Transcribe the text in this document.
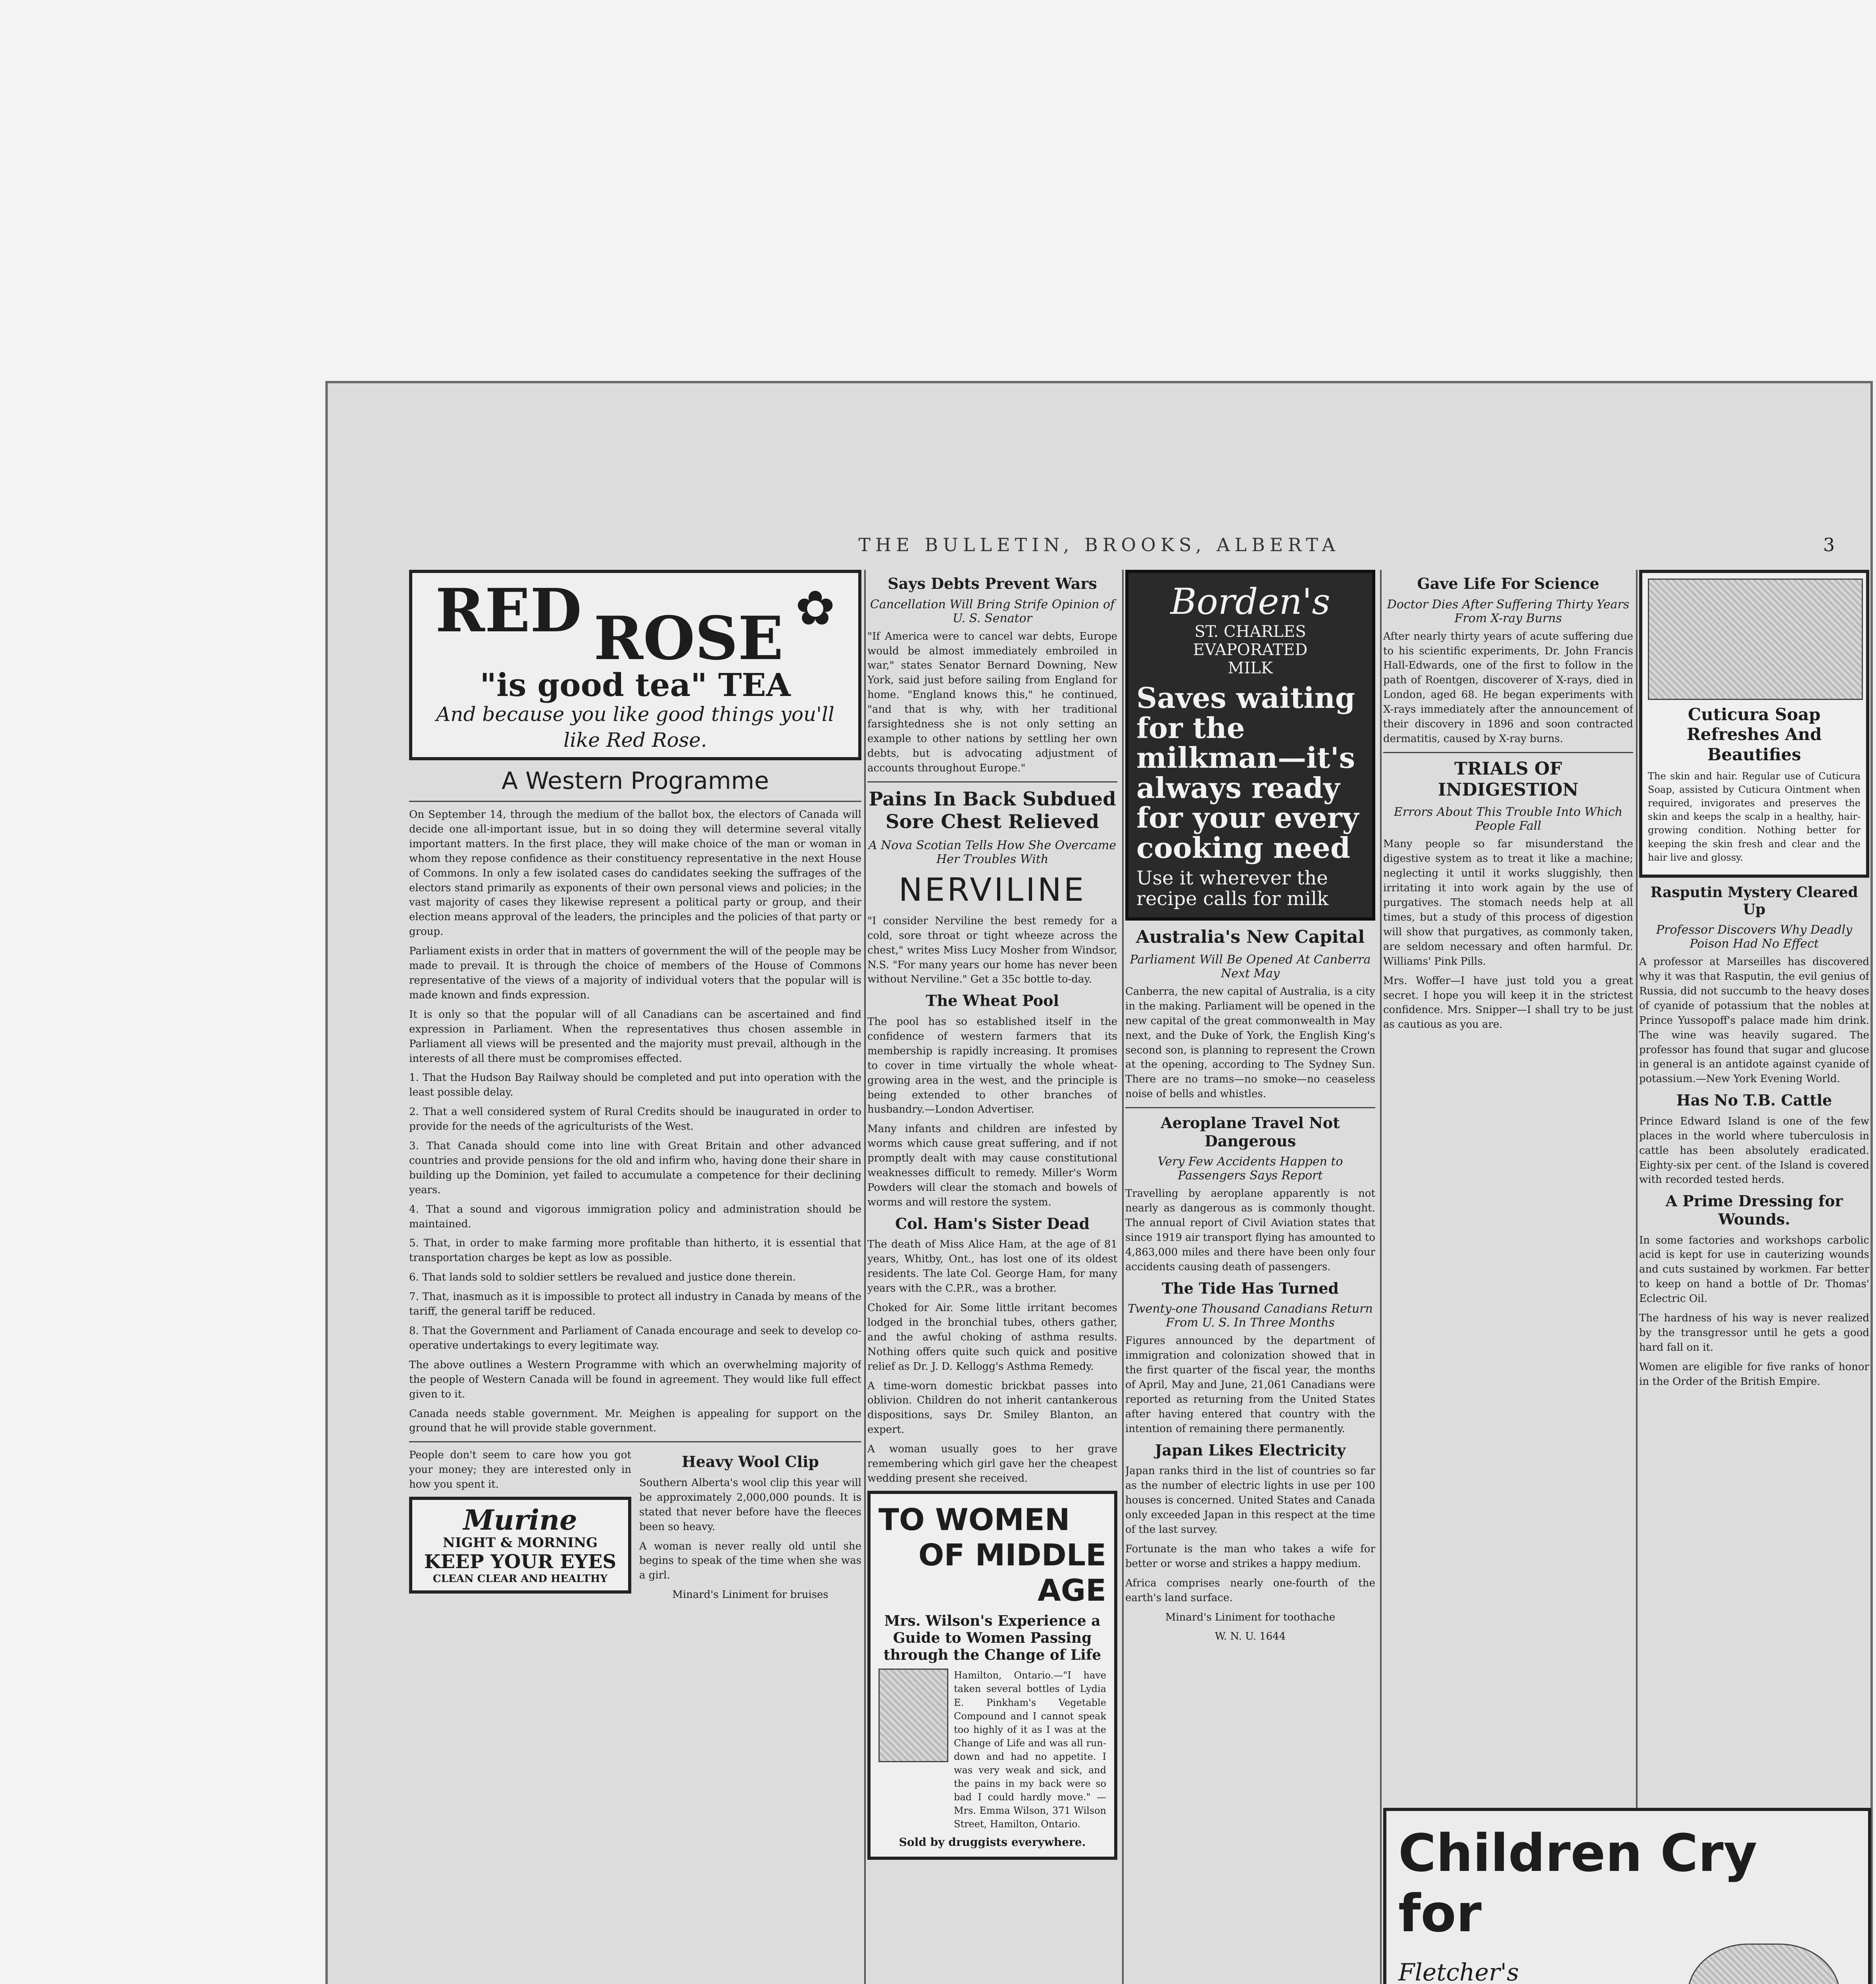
THE BULLETIN, BROOKS, ALBERTA	3
RED ROSE ✿
"is good tea" TEA
And because you like good things you'll like Red Rose.
A Western Programme

On September 14, through the medium of the ballot box, the electors of Canada will decide one all-important issue, but in so doing they will determine several vitally important matters. In the first place, they will make choice of the man or woman in whom they repose confidence as their constituency representative in the next House of Commons. In only a few isolated cases do candidates seeking the suffrages of the electors stand primarily as exponents of their own personal views and policies; in the vast majority of cases they likewise represent a political party or group, and their election means approval of the leaders, the principles and the policies of that party or group.

Parliament exists in order that in matters of government the will of the people may be made to prevail. It is through the choice of members of the House of Commons representative of the views of a majority of individual voters that the popular will is made known and finds expression.

It is only so that the popular will of all Canadians can be ascertained and find expression in Parliament. When the representatives thus chosen assemble in Parliament all views will be presented and the majority must prevail, although in the interests of all there must be compromises effected.

1. That the Hudson Bay Railway should be completed and put into operation with the least possible delay.

2. That a well considered system of Rural Credits should be inaugurated in order to provide for the needs of the agriculturists of the West.

3. That Canada should come into line with Great Britain and other advanced countries and provide pensions for the old and infirm who, having done their share in building up the Dominion, yet failed to accumulate a competence for their declining years.

4. That a sound and vigorous immigration policy and administration should be maintained.

5. That, in order to make farming more profitable than hitherto, it is essential that transportation charges be kept as low as possible.

6. That lands sold to soldier settlers be revalued and justice done therein.

7. That, inasmuch as it is impossible to protect all industry in Canada by means of the tariff, the general tariff be reduced.

8. That the Government and Parliament of Canada encourage and seek to develop co-operative undertakings to every legitimate way.

The above outlines a Western Programme with which an overwhelming majority of the people of Western Canada will be found in agreement. They would like full effect given to it.

Canada needs stable government. Mr. Meighen is appealing for support on the ground that he will provide stable government.

People don't seem to care how you got your money; they are interested only in how you spent it.

Murine
NIGHT & MORNING
KEEP YOUR EYES
CLEAN CLEAR AND HEALTHY
Heavy Wool Clip

Southern Alberta's wool clip this year will be approximately 2,000,000 pounds. It is stated that never before have the fleeces been so heavy.

A woman is never really old until she begins to speak of the time when she was a girl.

Minard's Liniment for bruises

Says Debts Prevent Wars
Cancellation Will Bring Strife Opinion of U. S. Senator

"If America were to cancel war debts, Europe would be almost immediately embroiled in war," states Senator Bernard Downing, New York, said just before sailing from England for home. "England knows this," he continued, "and that is why, with her traditional farsightedness she is not only setting an example to other nations by settling her own debts, but is advocating adjustment of accounts throughout Europe."

Pains In Back Subdued Sore Chest Relieved
A Nova Scotian Tells How She Overcame Her Troubles With
NERVILINE

"I consider Nerviline the best remedy for a cold, sore throat or tight wheeze across the chest," writes Miss Lucy Mosher from Windsor, N.S. "For many years our home has never been without Nerviline." Get a 35c bottle to-day.

The Wheat Pool

The pool has so established itself in the confidence of western farmers that its membership is rapidly increasing. It promises to cover in time virtually the whole wheat-growing area in the west, and the principle is being extended to other branches of husbandry.—London Advertiser.

Many infants and children are infested by worms which cause great suffering, and if not promptly dealt with may cause constitutional weaknesses difficult to remedy. Miller's Worm Powders will clear the stomach and bowels of worms and will restore the system.

Col. Ham's Sister Dead

The death of Miss Alice Ham, at the age of 81 years, Whitby, Ont., has lost one of its oldest residents. The late Col. George Ham, for many years with the C.P.R., was a brother.

Choked for Air. Some little irritant becomes lodged in the bronchial tubes, others gather, and the awful choking of asthma results. Nothing offers quite such quick and positive relief as Dr. J. D. Kellogg's Asthma Remedy.

A time-worn domestic brickbat passes into oblivion. Children do not inherit cantankerous dispositions, says Dr. Smiley Blanton, an expert.

A woman usually goes to her grave remembering which girl gave her the cheapest wedding present she received.

TO WOMEN
OF MIDDLE AGE
Mrs. Wilson's Experience a Guide to Women Passing through the Change of Life

Hamilton, Ontario.—"I have taken several bottles of Lydia E. Pinkham's Vegetable Compound and I cannot speak too highly of it as I was at the Change of Life and was all run-down and had no appetite. I was very weak and sick, and the pains in my back were so bad I could hardly move." —Mrs. Emma Wilson, 371 Wilson Street, Hamilton, Ontario.

Sold by druggists everywhere.
Borden's
ST. CHARLES
EVAPORATED
MILK
Saves waiting for the milkman—it's always ready for your every cooking need
Use it wherever the recipe calls for milk
Australia's New Capital
Parliament Will Be Opened At Canberra Next May

Canberra, the new capital of Australia, is a city in the making. Parliament will be opened in the new capital of the great commonwealth in May next, and the Duke of York, the English King's second son, is planning to represent the Crown at the opening, according to The Sydney Sun. There are no trams—no smoke—no ceaseless noise of bells and whistles.

Aeroplane Travel Not Dangerous
Very Few Accidents Happen to Passengers Says Report

Travelling by aeroplane apparently is not nearly as dangerous as is commonly thought. The annual report of Civil Aviation states that since 1919 air transport flying has amounted to 4,863,000 miles and there have been only four accidents causing death of passengers.

The Tide Has Turned
Twenty-one Thousand Canadians Return From U. S. In Three Months

Figures announced by the department of immigration and colonization showed that in the first quarter of the fiscal year, the months of April, May and June, 21,061 Canadians were reported as returning from the United States after having entered that country with the intention of remaining there permanently.

Japan Likes Electricity

Japan ranks third in the list of countries so far as the number of electric lights in use per 100 houses is concerned. United States and Canada only exceeded Japan in this respect at the time of the last survey.

Fortunate is the man who takes a wife for better or worse and strikes a happy medium.

Africa comprises nearly one-fourth of the earth's land surface.

Minard's Liniment for toothache

W. N. U. 1644

Gave Life For Science
Doctor Dies After Suffering Thirty Years From X-ray Burns

After nearly thirty years of acute suffering due to his scientific experiments, Dr. John Francis Hall-Edwards, one of the first to follow in the path of Roentgen, discoverer of X-rays, died in London, aged 68. He began experiments with X-rays immediately after the announcement of their discovery in 1896 and soon contracted dermatitis, caused by X-ray burns.

TRIALS OF INDIGESTION
Errors About This Trouble Into Which People Fall

Many people so far misunderstand the digestive system as to treat it like a machine; neglecting it until it works sluggishly, then irritating it into work again by the use of purgatives. The stomach needs help at all times, but a study of this process of digestion will show that purgatives, as commonly taken, are seldom necessary and often harmful. Dr. Williams' Pink Pills.

Mrs. Woffer—I have just told you a great secret. I hope you will keep it in the strictest confidence. Mrs. Snipper—I shall try to be just as cautious as you are.

Cuticura Soap Refreshes And Beautifies

The skin and hair. Regular use of Cuticura Soap, assisted by Cuticura Ointment when required, invigorates and preserves the skin and keeps the scalp in a healthy, hair-growing condition. Nothing better for keeping the skin fresh and clear and the hair live and glossy.

Rasputin Mystery Cleared Up
Professor Discovers Why Deadly Poison Had No Effect

A professor at Marseilles has discovered why it was that Rasputin, the evil genius of Russia, did not succumb to the heavy doses of cyanide of potassium that the nobles at Prince Yussopoff's palace made him drink. The wine was heavily sugared. The professor has found that sugar and glucose in general is an antidote against cyanide of potassium.—New York Evening World.

Has No T.B. Cattle

Prince Edward Island is one of the few places in the world where tuberculosis in cattle has been absolutely eradicated. Eighty-six per cent. of the Island is covered with recorded tested herds.

A Prime Dressing for Wounds.

In some factories and workshops carbolic acid is kept for use in cauterizing wounds and cuts sustained by workmen. Far better to keep on hand a bottle of Dr. Thomas' Eclectric Oil.

The hardness of his way is never realized by the transgressor until he gets a good hard fall on it.

Women are eligible for five ranks of honor in the Order of the British Empire.

Children Cry for
Fletcher's
